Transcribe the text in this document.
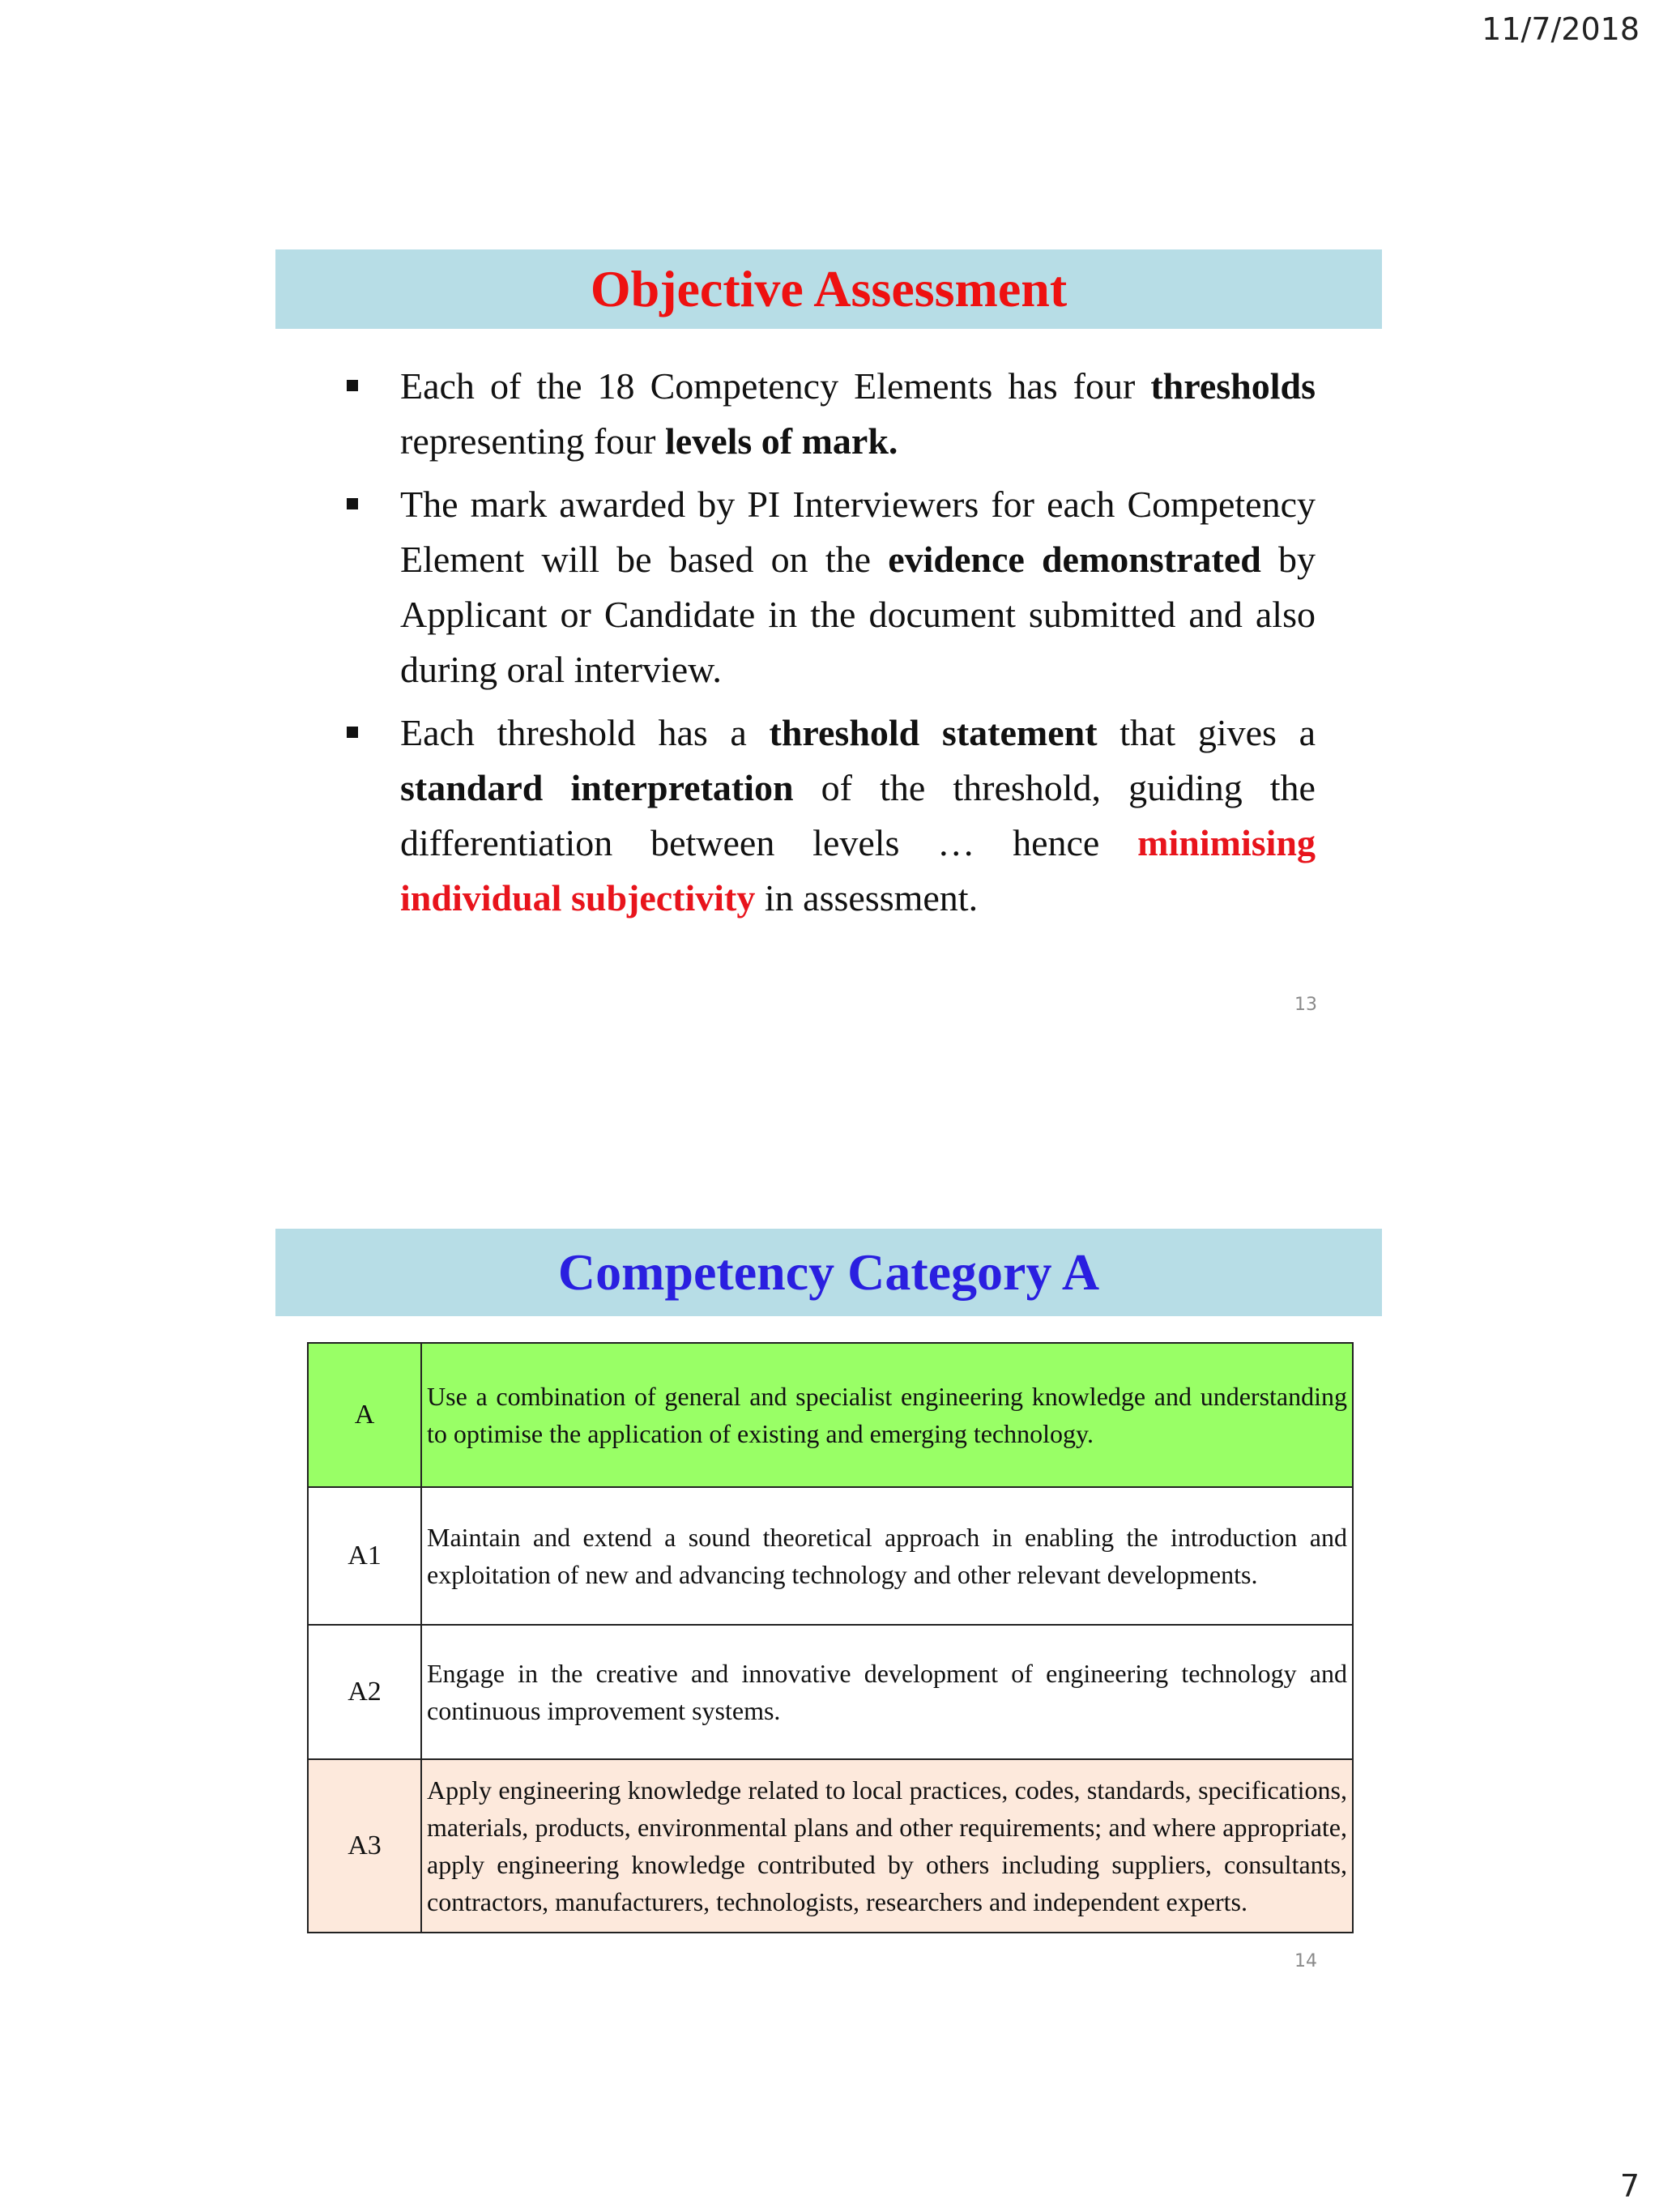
11/7/2018
Objective Assessment
Each of the 18 Competency Elements has four thresholds representing four levels of mark.
The mark awarded by PI Interviewers for each Competency Element will be based on the evidence demonstrated by Applicant or Candidate in the document submitted and also during oral interview.
Each threshold has a threshold statement that gives a standard interpretation of the threshold, guiding the differentiation between levels … hence minimising individual subjectivity in assessment.
13
Competency Category A
A	Use a combination of general and specialist engineering knowledge and understanding to optimise the application of existing and emerging technology.
A1	Maintain and extend a sound theoretical approach in enabling the introduction and exploitation of new and advancing technology and other relevant developments.
A2	Engage in the creative and innovative development of engineering technology and continuous improvement systems.
A3	Apply engineering knowledge related to local practices, codes, standards, specifications, materials, products, environmental plans and other requirements; and where appropriate, apply engineering knowledge contributed by others including suppliers, consultants, contractors, manufacturers, technologists, researchers and independent experts.
14
7
